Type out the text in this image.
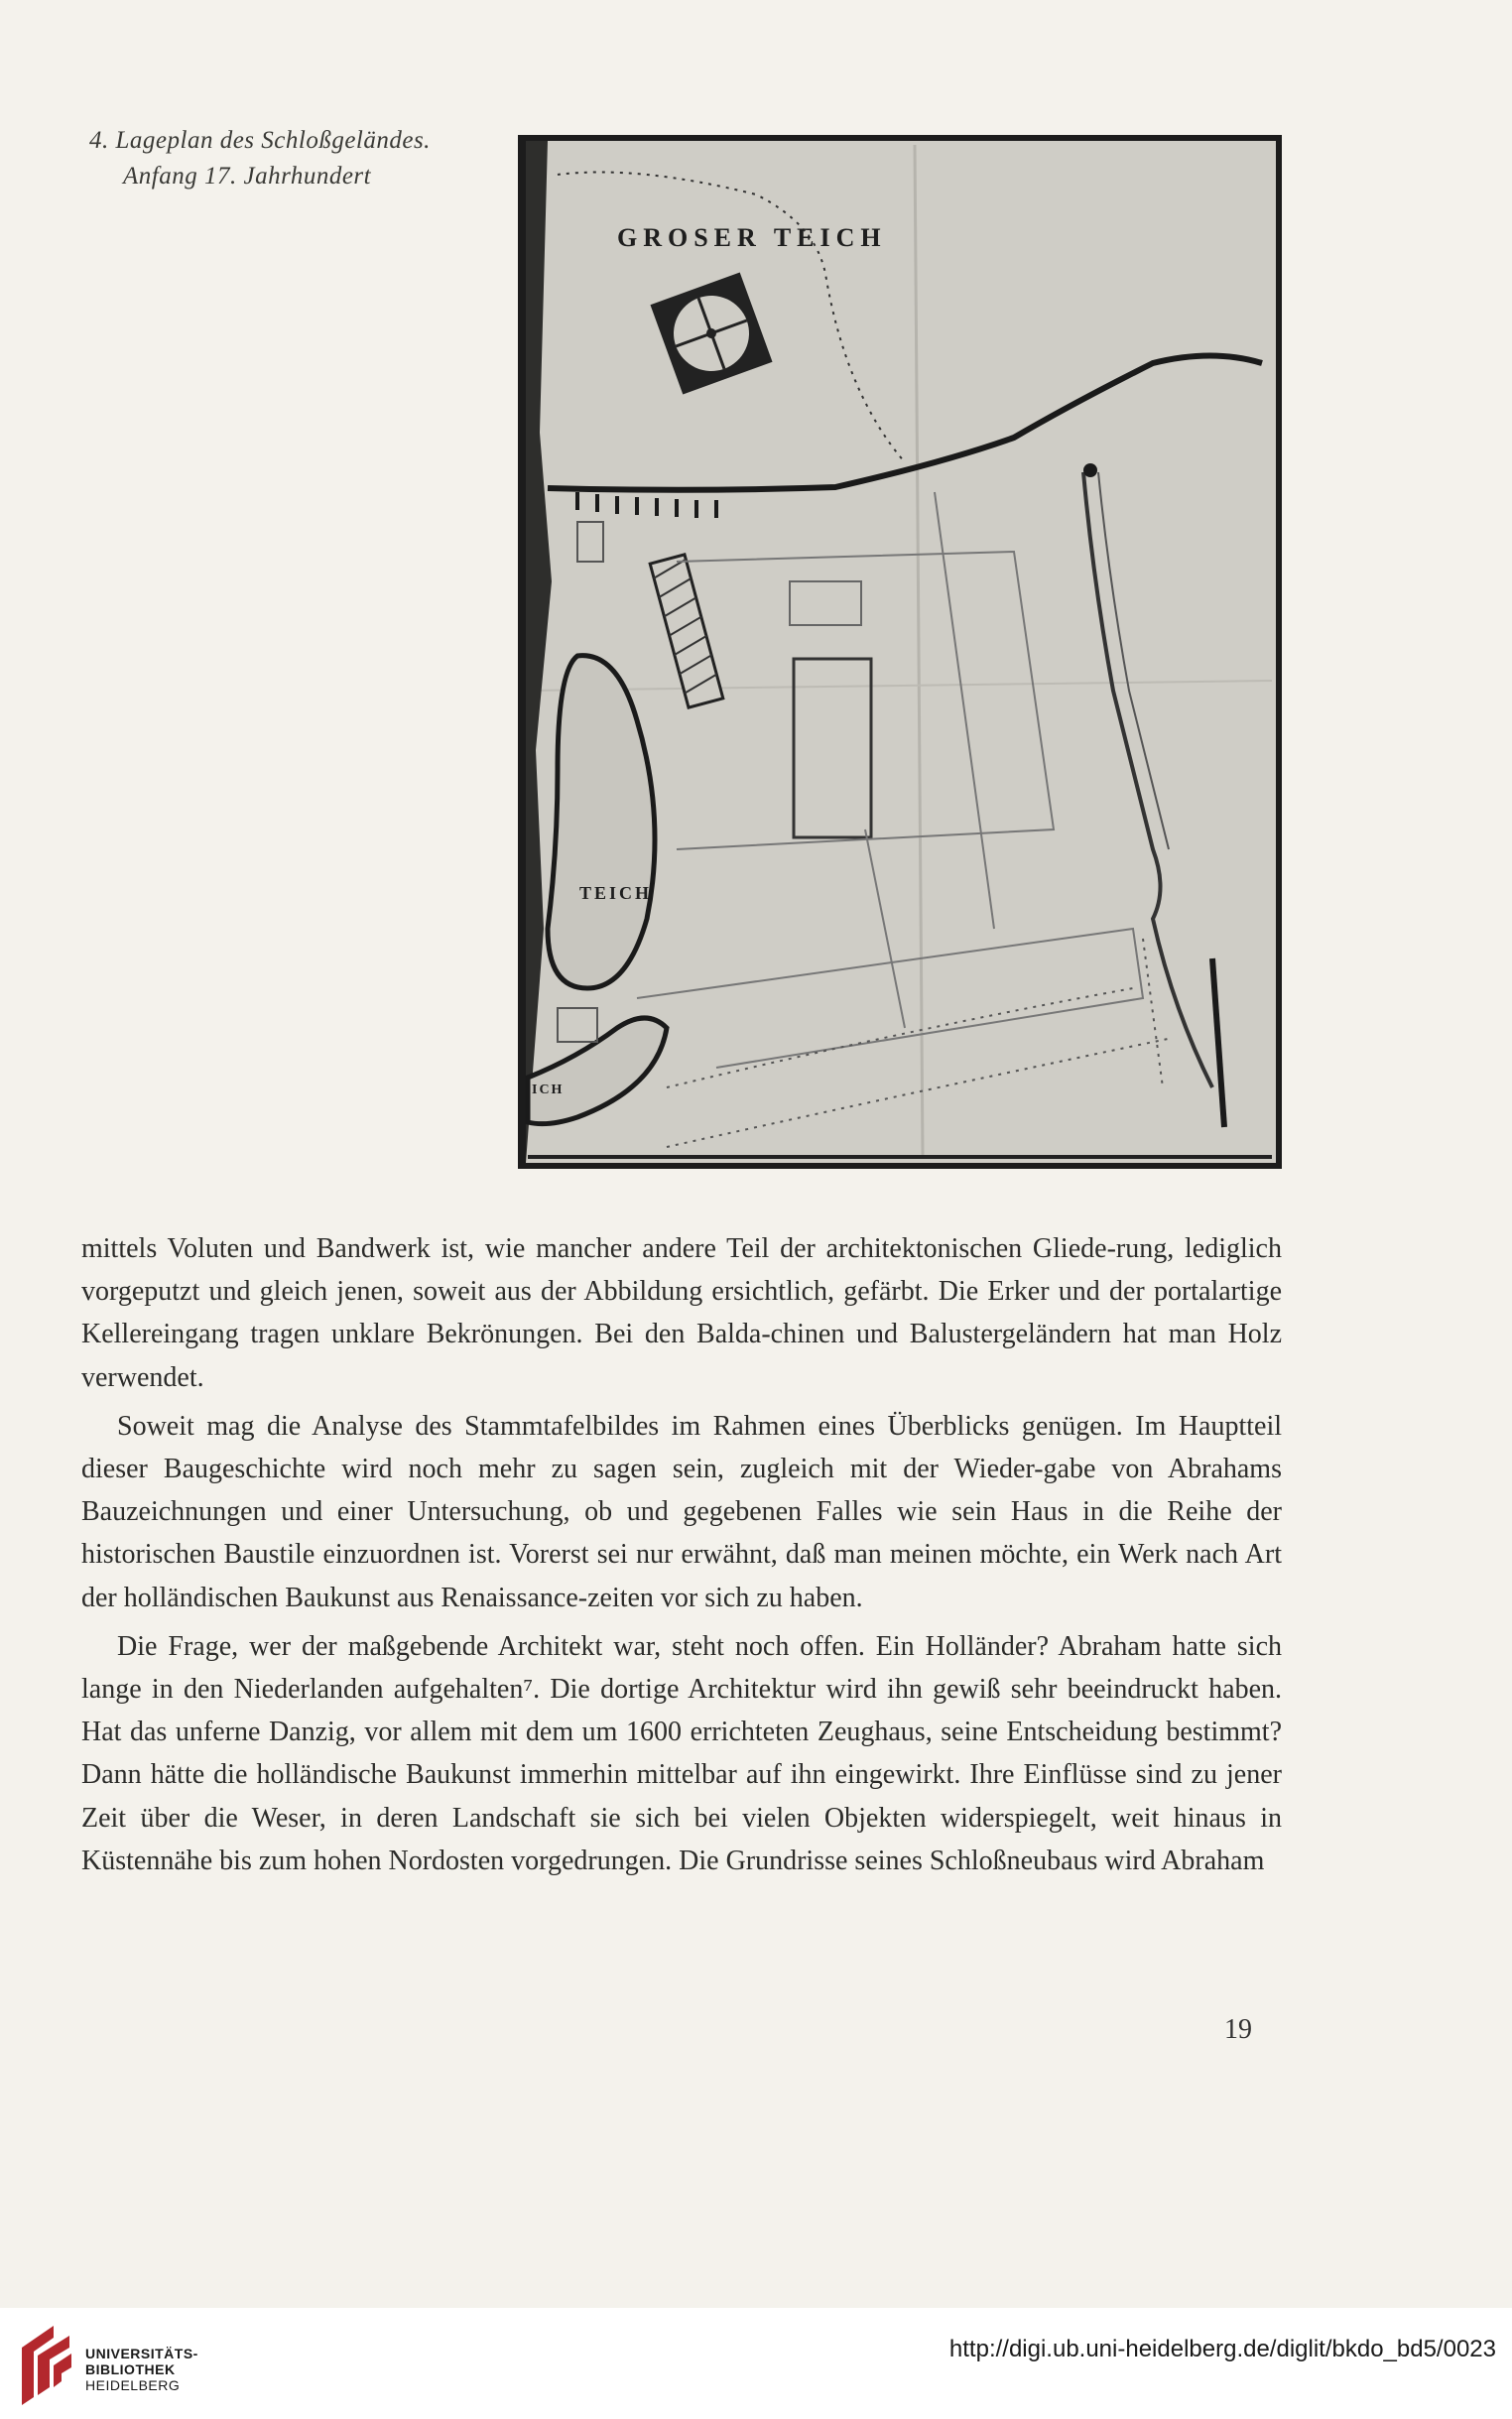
4. Lageplan des Schloßgeländes.
Anfang 17. Jahrhundert
GROSER TEICH
TEICH
ICH

mittels Voluten und Bandwerk ist, wie mancher andere Teil der architektonischen Gliede-rung, lediglich vorgeputzt und gleich jenen, soweit aus der Abbildung ersichtlich, gefärbt. Die Erker und der portalartige Kellereingang tragen unklare Bekrönungen. Bei den Balda-chinen und Balustergeländern hat man Holz verwendet.

Soweit mag die Analyse des Stammtafelbildes im Rahmen eines Überblicks genügen. Im Hauptteil dieser Baugeschichte wird noch mehr zu sagen sein, zugleich mit der Wieder-gabe von Abrahams Bauzeichnungen und einer Untersuchung, ob und gegebenen Falles wie sein Haus in die Reihe der historischen Baustile einzuordnen ist. Vorerst sei nur erwähnt, daß man meinen möchte, ein Werk nach Art der holländischen Baukunst aus Renaissance-zeiten vor sich zu haben.

Die Frage, wer der maßgebende Architekt war, steht noch offen. Ein Holländer? Abraham hatte sich lange in den Niederlanden aufgehalten⁷. Die dortige Architektur wird ihn gewiß sehr beeindruckt haben. Hat das unferne Danzig, vor allem mit dem um 1600 errichteten Zeughaus, seine Entscheidung bestimmt? Dann hätte die holländische Baukunst immerhin mittelbar auf ihn eingewirkt. Ihre Einflüsse sind zu jener Zeit über die Weser, in deren Landschaft sie sich bei vielen Objekten widerspiegelt, weit hinaus in Küstennähe bis zum hohen Nordosten vorgedrungen. Die Grundrisse seines Schloßneubaus wird Abraham

19
UNIVERSITÄTS-
BIBLIOTHEK
HEIDELBERG
http://digi.ub.uni-heidelberg.de/diglit/bkdo_bd5/0023
